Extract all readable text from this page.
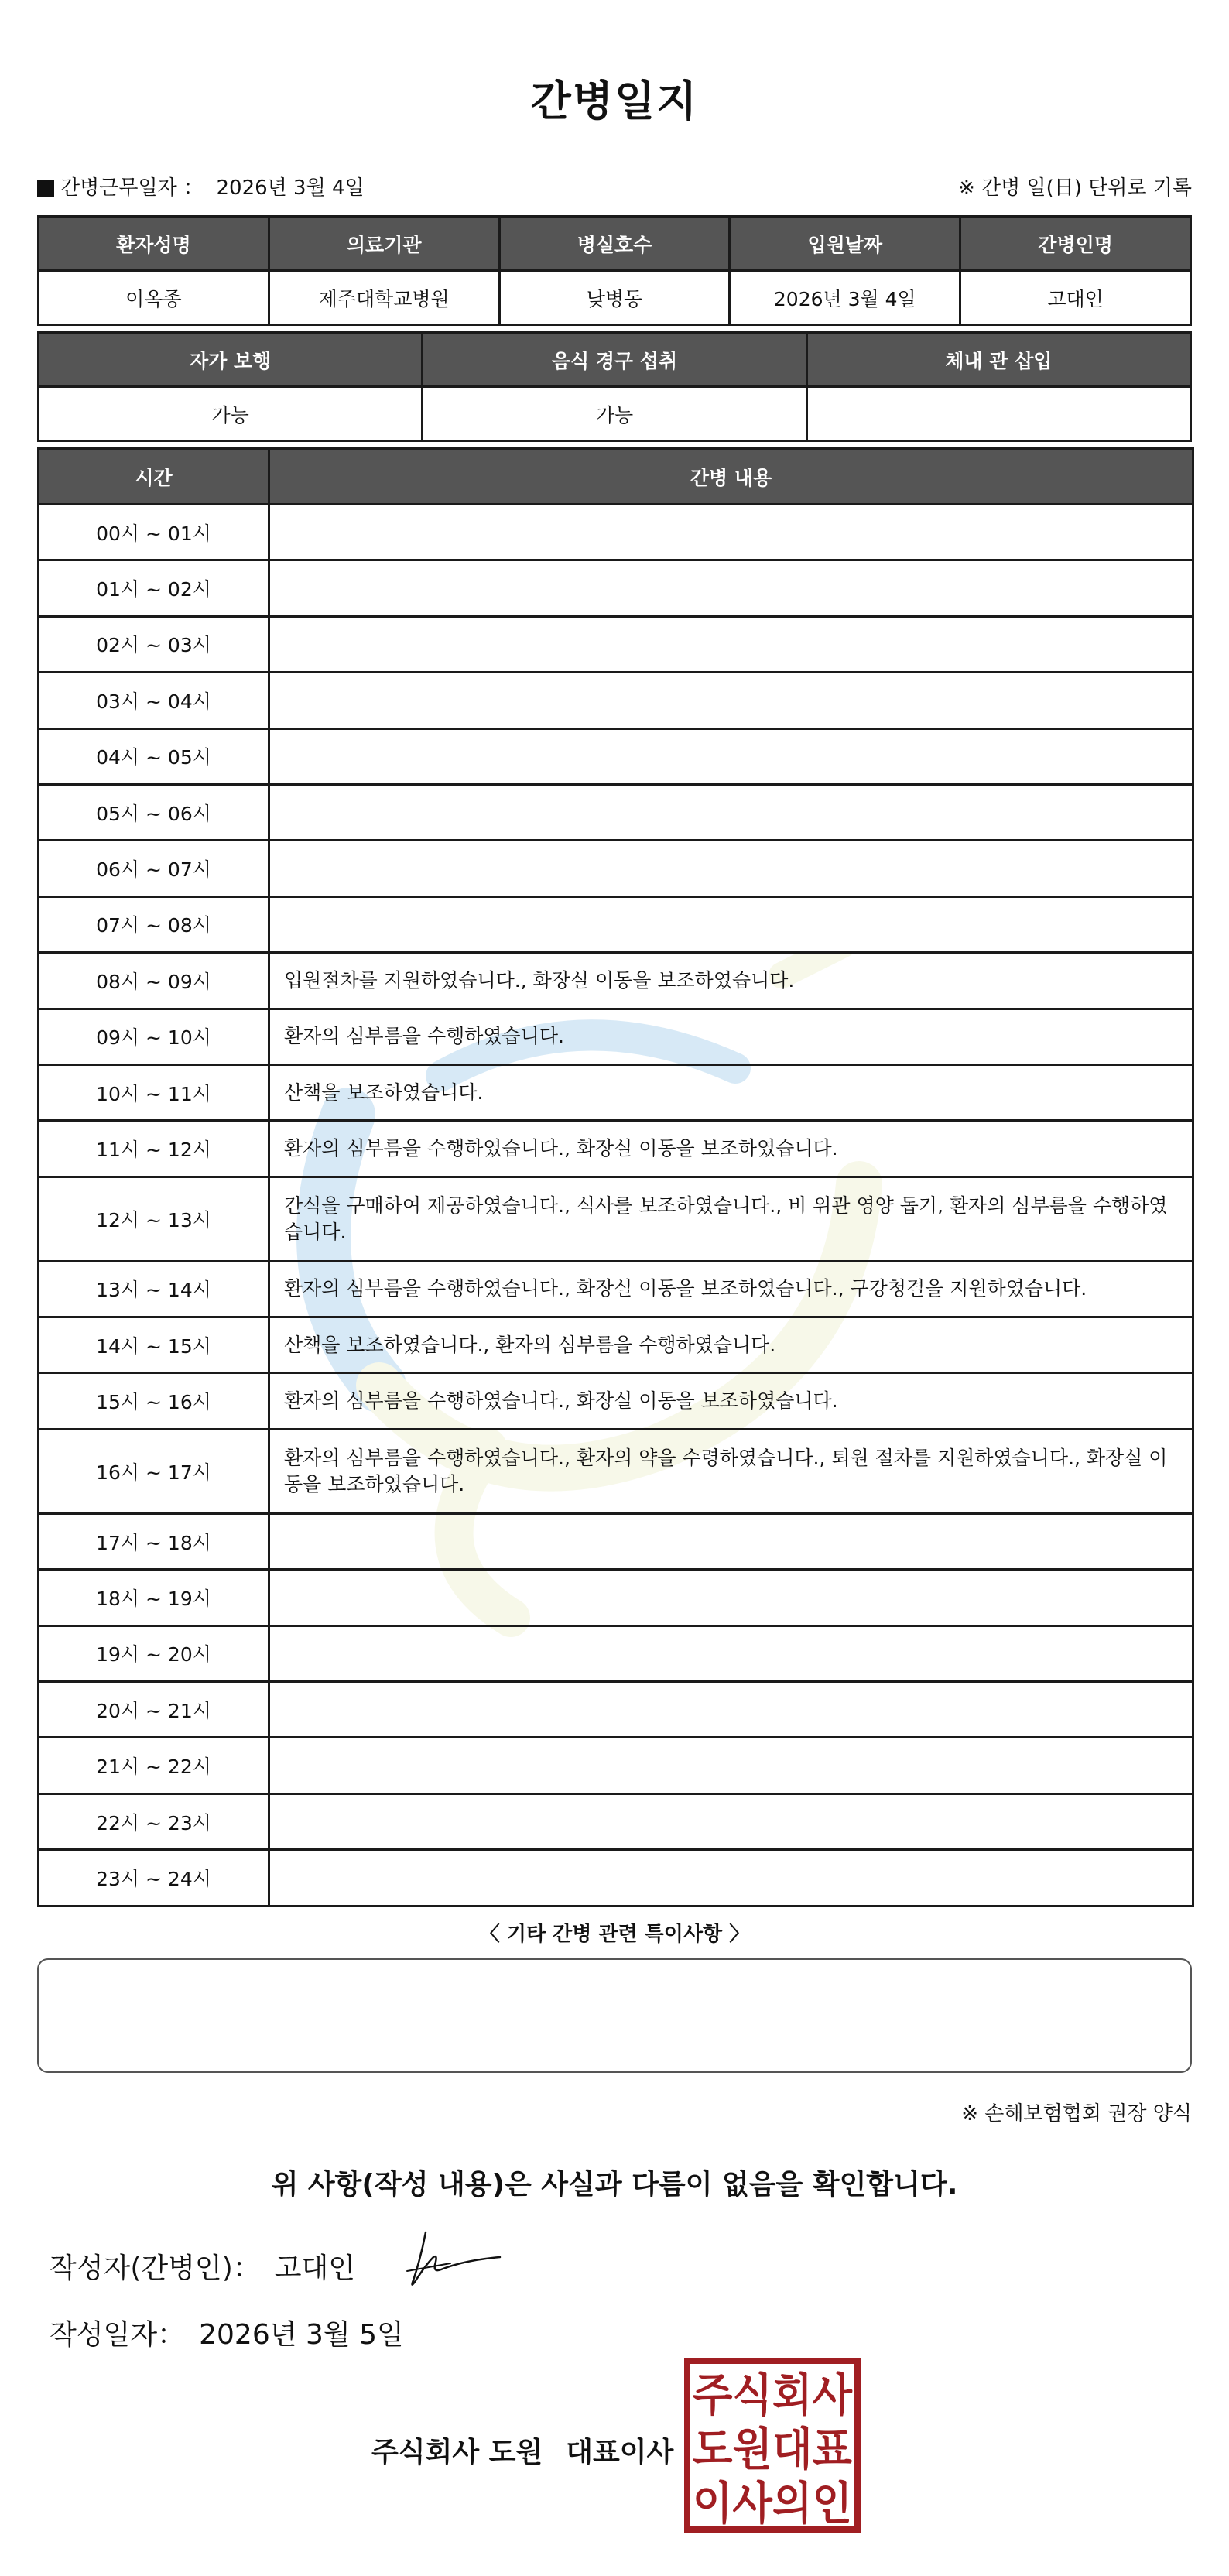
간병일지
간병근무일자 ： 2026년 3월 4일	※ 간병 일(日) 단위로 기록
환자성명	의료기관	병실호수	입원날짜	간병인명
이옥종	제주대학교병원	낮병동	2026년 3월 4일	고대인
자가 보행	음식 경구 섭취	체내 관 삽입
가능	가능	
시간	간병 내용
00시 ~ 01시	
01시 ~ 02시	
02시 ~ 03시	
03시 ~ 04시	
04시 ~ 05시	
05시 ~ 06시	
06시 ~ 07시	
07시 ~ 08시	
08시 ~ 09시	입원절차를 지원하였습니다., 화장실 이동을 보조하였습니다.
09시 ~ 10시	환자의 심부름을 수행하였습니다.
10시 ~ 11시	산책을 보조하였습니다.
11시 ~ 12시	환자의 심부름을 수행하였습니다., 화장실 이동을 보조하였습니다.
12시 ~ 13시	간식을 구매하여 제공하였습니다., 식사를 보조하였습니다., 비 위관 영양 돕기, 환자의 심부름을 수행하였습니다.
13시 ~ 14시	환자의 심부름을 수행하였습니다., 화장실 이동을 보조하였습니다., 구강청결을 지원하였습니다.
14시 ~ 15시	산책을 보조하였습니다., 환자의 심부름을 수행하였습니다.
15시 ~ 16시	환자의 심부름을 수행하였습니다., 화장실 이동을 보조하였습니다.
16시 ~ 17시	환자의 심부름을 수행하였습니다., 환자의 약을 수령하였습니다., 퇴원 절차를 지원하였습니다., 화장실 이동을 보조하였습니다.
17시 ~ 18시	
18시 ~ 19시	
19시 ~ 20시	
20시 ~ 21시	
21시 ~ 22시	
22시 ~ 23시	
23시 ~ 24시	
〈 기타 간병 관련 특이사항 〉
※ 손해보험협회 권장 양식
위 사항(작성 내용)은 사실과 다름이 없음을 확인합니다.
작성자(간병인)： 고대인
작성일자： 2026년 3월 5일
주식회사 도원 대표이사
주식회사
도원대표
이사의인
